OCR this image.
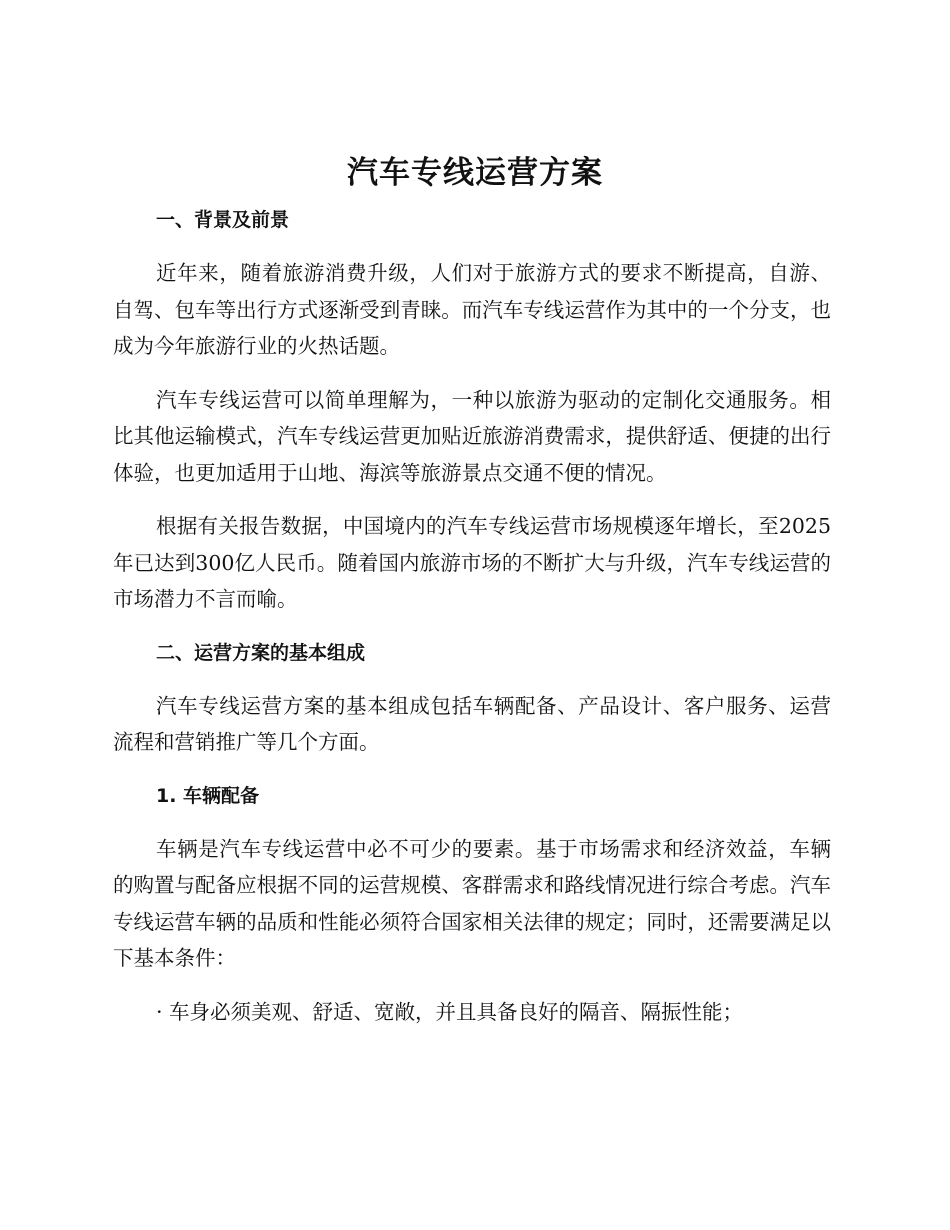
汽车专线运营方案
一、背景及前景

近年来，随着旅游消费升级，人们对于旅游方式的要求不断提高，自游、自驾、包车等出行方式逐渐受到青睐。而汽车专线运营作为其中的一个分支，也成为今年旅游行业的火热话题。

汽车专线运营可以简单理解为，一种以旅游为驱动的定制化交通服务。相比其他运输模式，汽车专线运营更加贴近旅游消费需求，提供舒适、便捷的出行体验，也更加适用于山地、海滨等旅游景点交通不便的情况。

根据有关报告数据，中国境内的汽车专线运营市场规模逐年增长，至2025年已达到300亿人民币。随着国内旅游市场的不断扩大与升级，汽车专线运营的市场潜力不言而喻。

二、运营方案的基本组成

汽车专线运营方案的基本组成包括车辆配备、产品设计、客户服务、运营流程和营销推广等几个方面。

1. 车辆配备

车辆是汽车专线运营中必不可少的要素。基于市场需求和经济效益，车辆的购置与配备应根据不同的运营规模、客群需求和路线情况进行综合考虑。汽车专线运营车辆的品质和性能必须符合国家相关法律的规定；同时，还需要满足以下基本条件：

· 车身必须美观、舒适、宽敞，并且具备良好的隔音、隔振性能；
